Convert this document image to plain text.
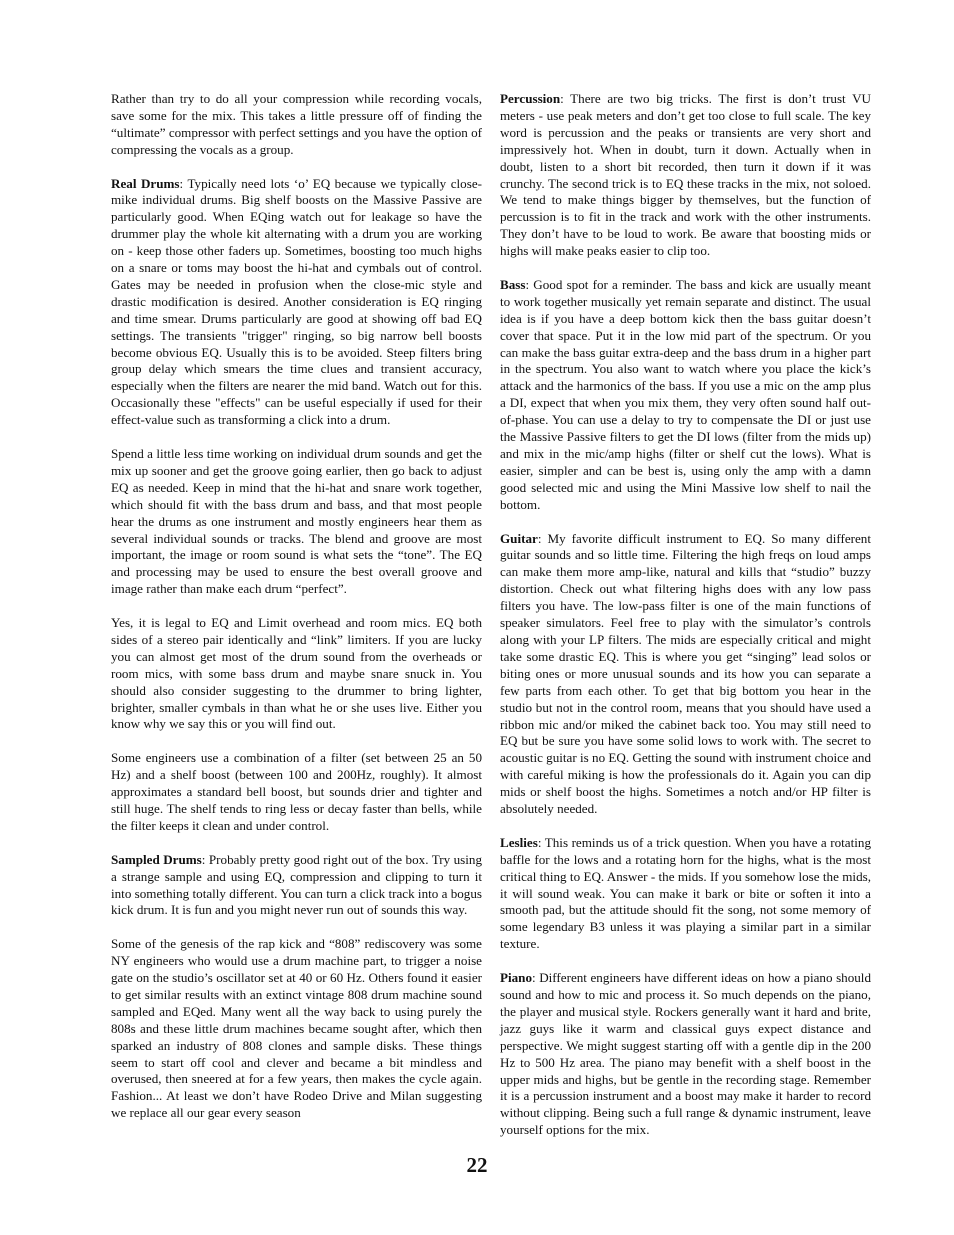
Rather than try to do all your compression while recording vocals, save some for the mix. This takes a little pressure off of finding the “ultimate” compressor with perfect settings and you have the option of compressing the vocals as a group.

Real Drums: Typically need lots ‘o’ EQ because we typically close-mike individual drums. Big shelf boosts on the Massive Passive are particularly good. When EQing watch out for leakage so have the drummer play the whole kit alternating with a drum you are working on - keep those other faders up. Sometimes, boosting too much highs on a snare or toms may boost the hi-hat and cymbals out of control. Gates may be needed in profusion when the close-mic style and drastic modification is desired. Another consideration is EQ ringing and time smear. Drums particularly are good at showing off bad EQ settings. The transients "trigger" ringing, so big narrow bell boosts become obvious EQ. Usually this is to be avoided. Steep filters bring group delay which smears the time clues and transient accuracy, especially when the filters are nearer the mid band. Watch out for this. Occasionally these "effects" can be useful especially if used for their effect-value such as transforming a click into a drum.

Spend a little less time working on individual drum sounds and get the mix up sooner and get the groove going earlier, then go back to adjust EQ as needed. Keep in mind that the hi-hat and snare work together, which should fit with the bass drum and bass, and that most people hear the drums as one instrument and mostly engineers hear them as several individual sounds or tracks. The blend and groove are most important, the image or room sound is what sets the “tone”. The EQ and processing may be used to ensure the best overall groove and image rather than make each drum “perfect”.

Yes, it is legal to EQ and Limit overhead and room mics. EQ both sides of a stereo pair identically and “link” limiters. If you are lucky you can almost get most of the drum sound from the overheads or room mics, with some bass drum and maybe snare snuck in. You should also consider suggesting to the drummer to bring lighter, brighter, smaller cymbals in than what he or she uses live. Either you know why we say this or you will find out.

Some engineers use a combination of a filter (set between 25 an 50 Hz) and a shelf boost (between 100 and 200Hz, roughly). It almost approximates a standard bell boost, but sounds drier and tighter and still huge. The shelf tends to ring less or decay faster than bells, while the filter keeps it clean and under control.

Sampled Drums: Probably pretty good right out of the box. Try using a strange sample and using EQ, compression and clipping to turn it into something totally different. You can turn a click track into a bogus kick drum. It is fun and you might never run out of sounds this way.

Some of the genesis of the rap kick and “808” rediscovery was some NY engineers who would use a drum machine part, to trigger a noise gate on the studio’s oscillator set at 40 or 60 Hz. Others found it easier to get similar results with an extinct vintage 808 drum machine sound sampled and EQed. Many went all the way back to using purely the 808s and these little drum machines became sought after, which then sparked an industry of 808 clones and sample disks. These things seem to start off cool and clever and became a bit mindless and overused, then sneered at for a few years, then makes the cycle again. Fashion... At least we don’t have Rodeo Drive and Milan suggesting we replace all our gear every season

Percussion: There are two big tricks. The first is don’t trust VU meters - use peak meters and don’t get too close to full scale. The key word is percussion and the peaks or transients are very short and impressively hot. When in doubt, turn it down. Actually when in doubt, listen to a short bit recorded, then turn it down if it was crunchy. The second trick is to EQ these tracks in the mix, not soloed. We tend to make things bigger by themselves, but the function of percussion is to fit in the track and work with the other instruments. They don’t have to be loud to work. Be aware that boosting mids or highs will make peaks easier to clip too.

Bass: Good spot for a reminder. The bass and kick are usually meant to work together musically yet remain separate and distinct. The usual idea is if you have a deep bottom kick then the bass guitar doesn’t cover that space. Put it in the low mid part of the spectrum. Or you can make the bass guitar extra-deep and the bass drum in a higher part in the spectrum. You also want to watch where you place the kick’s attack and the harmonics of the bass. If you use a mic on the amp plus a DI, expect that when you mix them, they very often sound half out-of-phase. You can use a delay to try to compensate the DI or just use the Massive Passive filters to get the DI lows (filter from the mids up) and mix in the mic/amp highs (filter or shelf cut the lows). What is easier, simpler and can be best is, using only the amp with a damn good selected mic and using the Mini Massive low shelf to nail the bottom.

Guitar: My favorite difficult instrument to EQ. So many different guitar sounds and so little time. Filtering the high freqs on loud amps can make them more amp-like, natural and kills that “studio” buzzy distortion. Check out what filtering highs does with any low pass filters you have. The low-pass filter is one of the main functions of speaker simulators. Feel free to play with the simulator’s controls along with your LP filters. The mids are especially critical and might take some drastic EQ. This is where you get “singing” lead solos or biting ones or more unusual sounds and its how you can separate a few parts from each other. To get that big bottom you hear in the studio but not in the control room, means that you should have used a ribbon mic and/or miked the cabinet back too. You may still need to EQ but be sure you have some solid lows to work with. The secret to acoustic guitar is no EQ. Getting the sound with instrument choice and with careful miking is how the professionals do it. Again you can dip mids or shelf boost the highs. Sometimes a notch and/or HP filter is absolutely needed.

Leslies: This reminds us of a trick question. When you have a rotating baffle for the lows and a rotating horn for the highs, what is the most critical thing to EQ. Answer - the mids. If you somehow lose the mids, it will sound weak. You can make it bark or bite or soften it into a smooth pad, but the attitude should fit the song, not some memory of some legendary B3 unless it was playing a similar part in a similar texture.

Piano: Different engineers have different ideas on how a piano should sound and how to mic and process it. So much depends on the piano, the player and musical style. Rockers generally want it hard and brite, jazz guys like it warm and classical guys expect distance and perspective. We might suggest starting off with a gentle dip in the 200 Hz to 500 Hz area. The piano may benefit with a shelf boost in the upper mids and highs, but be gentle in the recording stage. Remember it is a percussion instrument and a boost may make it harder to record without clipping. Being such a full range & dynamic instrument, leave yourself options for the mix.

22
